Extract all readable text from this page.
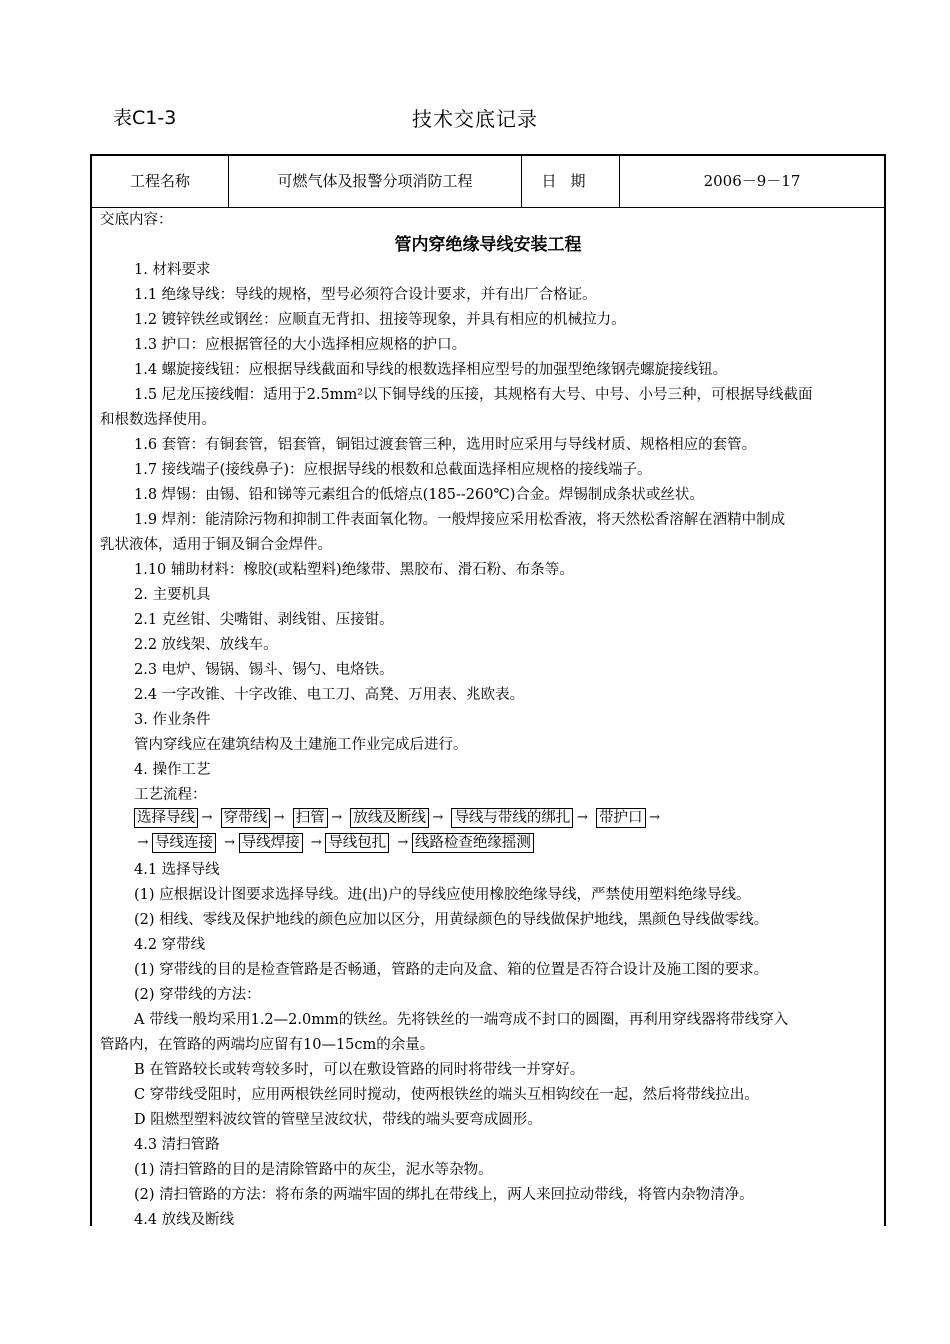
表C1-3	技术交底记录
工程名称	可燃气体及报警分项消防工程	日期	2006－9－17
交底内容：
管内穿绝缘导线安装工程
1. 材料要求
1.1 绝缘导线：导线的规格，型号必须符合设计要求，并有出厂合格证。
1.2 镀锌铁丝或钢丝：应顺直无背扣、扭接等现象，并具有相应的机械拉力。
1.3 护口：应根据管径的大小选择相应规格的护口。
1.4 螺旋接线钮：应根据导线截面和导线的根数选择相应型号的加强型绝缘钢壳螺旋接线钮。
1.5 尼龙压接线帽：适用于2.5mm²以下铜导线的压接，其规格有大号、中号、小号三种，可根据导线截面
和根数选择使用。
1.6 套管：有铜套管，铝套管，铜铝过渡套管三种，选用时应采用与导线材质、规格相应的套管。
1.7 接线端子(接线鼻子)：应根据导线的根数和总截面选择相应规格的接线端子。
1.8 焊锡：由锡、铅和锑等元素组合的低熔点(185--260℃)合金。焊锡制成条状或丝状。
1.9 焊剂：能清除污物和抑制工件表面氧化物。一般焊接应采用松香液，将天然松香溶解在酒精中制成
乳状液体，适用于铜及铜合金焊件。
1.10 辅助材料：橡胶(或粘塑料)绝缘带、黑胶布、滑石粉、布条等。
2. 主要机具
2.1 克丝钳、尖嘴钳、剥线钳、压接钳。
2.2 放线架、放线车。
2.3 电炉、锡锅、锡斗、锡勺、电烙铁。
2.4 一字改锥、十字改锥、电工刀、高凳、万用表、兆欧表。
3. 作业条件
管内穿线应在建筑结构及土建施工作业完成后进行。
4. 操作工艺
工艺流程：
选择导线 → 穿带线 → 扫管 → 放线及断线 → 导线与带线的绑扎 → 带护口 →
→ 导线连接 → 导线焊接 → 导线包扎 → 线路检查绝缘摇测
4.1 选择导线
(1) 应根据设计图要求选择导线。进(出)户的导线应使用橡胶绝缘导线，严禁使用塑料绝缘导线。
(2) 相线、零线及保护地线的颜色应加以区分，用黄绿颜色的导线做保护地线，黑颜色导线做零线。
4.2 穿带线
(1) 穿带线的目的是检查管路是否畅通，管路的走向及盒、箱的位置是否符合设计及施工图的要求。
(2) 穿带线的方法：
A 带线一般均采用1.2—2.0mm的铁丝。先将铁丝的一端弯成不封口的圆圈，再利用穿线器将带线穿入
管路内，在管路的两端均应留有10—15cm的余量。
B 在管路较长或转弯较多时，可以在敷设管路的同时将带线一并穿好。
C 穿带线受阻时，应用两根铁丝同时搅动，使两根铁丝的端头互相钩绞在一起，然后将带线拉出。
D 阻燃型塑料波纹管的管壁呈波纹状，带线的端头要弯成圆形。
4.3 清扫管路
(1) 清扫管路的目的是清除管路中的灰尘，泥水等杂物。
(2) 清扫管路的方法：将布条的两端牢固的绑扎在带线上，两人来回拉动带线，将管内杂物清净。
4.4 放线及断线
